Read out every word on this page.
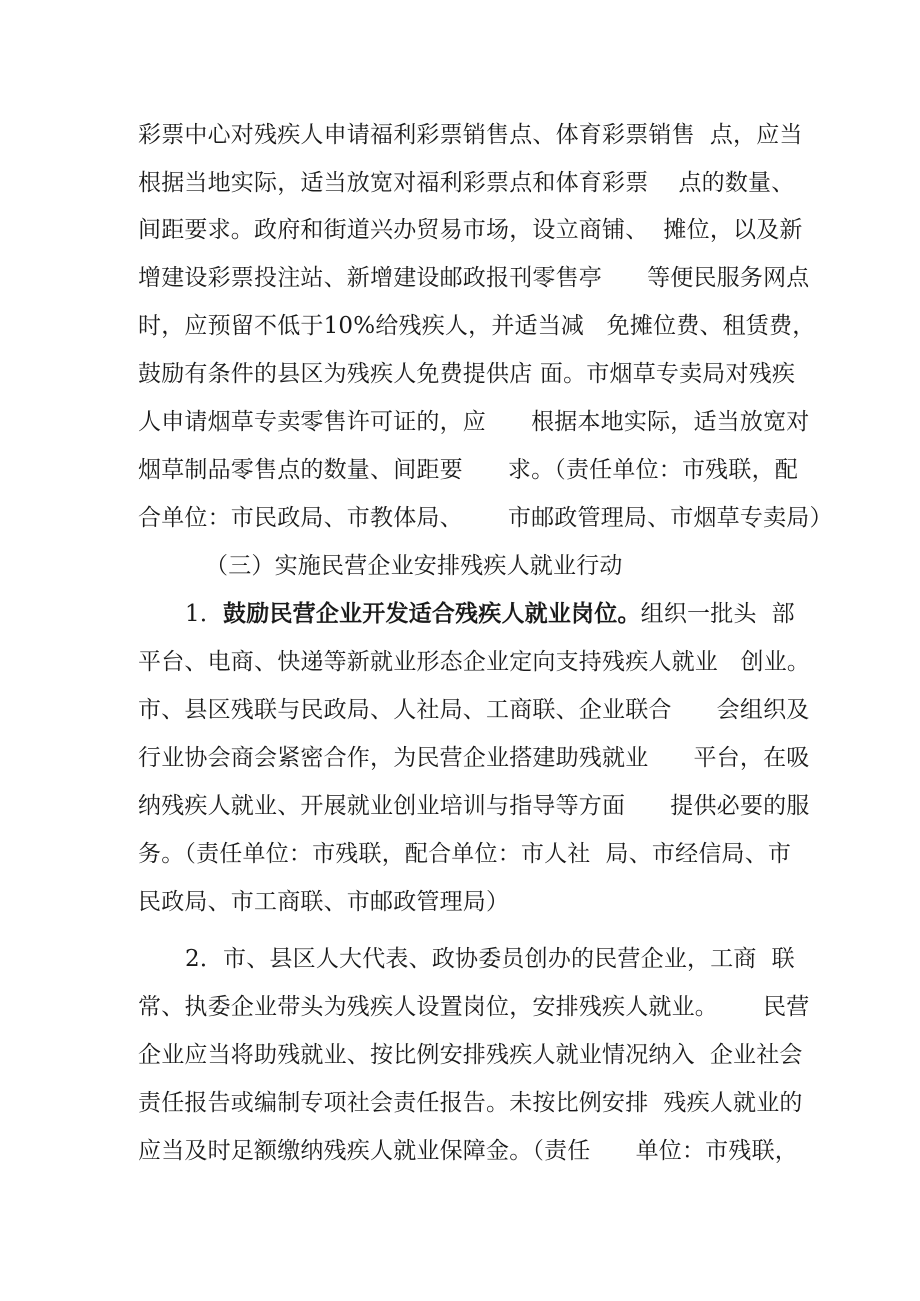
彩票中心对残疾人申请福利彩票销售点、体育彩票销售  点，应当
根据当地实际，适当放宽对福利彩票点和体育彩票    点的数量、
间距要求。政府和街道兴办贸易市场，设立商铺、  摊位，以及新
增建设彩票投注站、新增建设邮政报刊零售亭      等便民服务网点
时，应预留不低于10%给残疾人，并适当减   免摊位费、租赁费，
鼓励有条件的县区为残疾人免费提供店 面。市烟草专卖局对残疾
人申请烟草专卖零售许可证的，应      根据本地实际，适当放宽对
烟草制品零售点的数量、间距要      求。（责任单位：市残联，配
合单位：市民政局、市教体局、      市邮政管理局、市烟草专卖局）
（三）实施民营企业安排残疾人就业行动
1．鼓励民营企业开发适合残疾人就业岗位。组织一批头  部
平台、电商、快递等新就业形态企业定向支持残疾人就业   创业。
市、县区残联与民政局、人社局、工商联、企业联合      会组织及
行业协会商会紧密合作，为民营企业搭建助残就业      平台，在吸
纳残疾人就业、开展就业创业培训与指导等方面      提供必要的服
务。（责任单位：市残联，配合单位：市人社  局、市经信局、市
民政局、市工商联、市邮政管理局）
2．市、县区人大代表、政协委员创办的民营企业，工商  联
常、执委企业带头为残疾人设置岗位，安排残疾人就业。      民营
企业应当将助残就业、按比例安排残疾人就业情况纳入  企业社会
责任报告或编制专项社会责任报告。未按比例安排  残疾人就业的
应当及时足额缴纳残疾人就业保障金。（责任      单位：市残联，
